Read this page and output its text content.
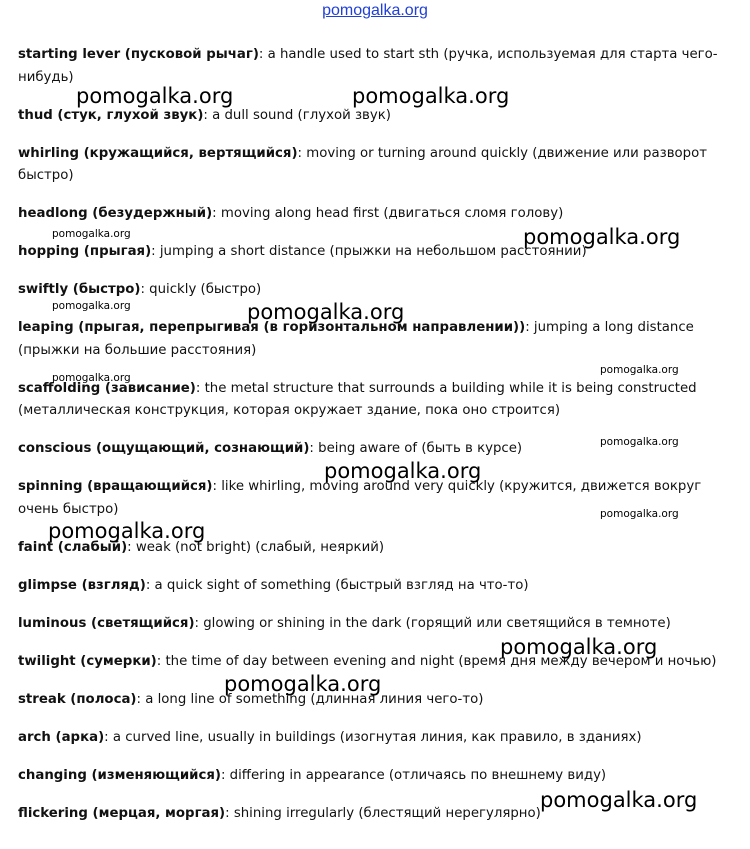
pomogalka.org
starting lever (пусковой рычаг): a handle used to start sth (ручка, используемая для старта чего-нибудь)
thud (стук, глухой звук): a dull sound (глухой звук)
whirling (кружащийся, вертящийся): moving or turning around quickly (движение или разворот быстро)
headlong (безудержный): moving along head first (двигаться сломя голову)
hopping (прыгая): jumping a short distance (прыжки на небольшом расстоянии)
swiftly (быстро): quickly (быстро)
leaping (прыгая, перепрыгивая (в горизонтальном направлении)): jumping a long distance (прыжки на большие расстояния)
scaffolding (зависание): the metal structure that surrounds a building while it is being constructed (металлическая конструкция, которая окружает здание, пока оно строится)
conscious (ощущающий, сознающий): being aware of (быть в курсе)
spinning (вращающийся): like whirling, moving around very quickly (кружится, движется вокруг очень быстро)
faint (слабый): weak (not bright) (слабый, неяркий)
glimpse (взгляд): a quick sight of something (быстрый взгляд на что-то)
luminous (светящийся): glowing or shining in the dark (горящий или светящийся в темноте)
twilight (сумерки): the time of day between evening and night (время дня между вечером и ночью)
streak (полоса): a long line of something (длинная линия чего-то)
arch (арка): a curved line, usually in buildings (изогнутая линия, как правило, в зданиях)
changing (изменяющийся): differing in appearance (отличаясь по внешнему виду)
flickering (мерцая, моргая): shining irregularly (блестящий нерегулярно)
pomogalka.org	pomogalka.org
pomogalka.org	pomogalka.org
pomogalka.org	pomogalka.org
pomogalka.org
pomogalka.org
pomogalka.org
pomogalka.org
pomogalka.org
pomogalka.org
pomogalka.org
pomogalka.org
pomogalka.org
